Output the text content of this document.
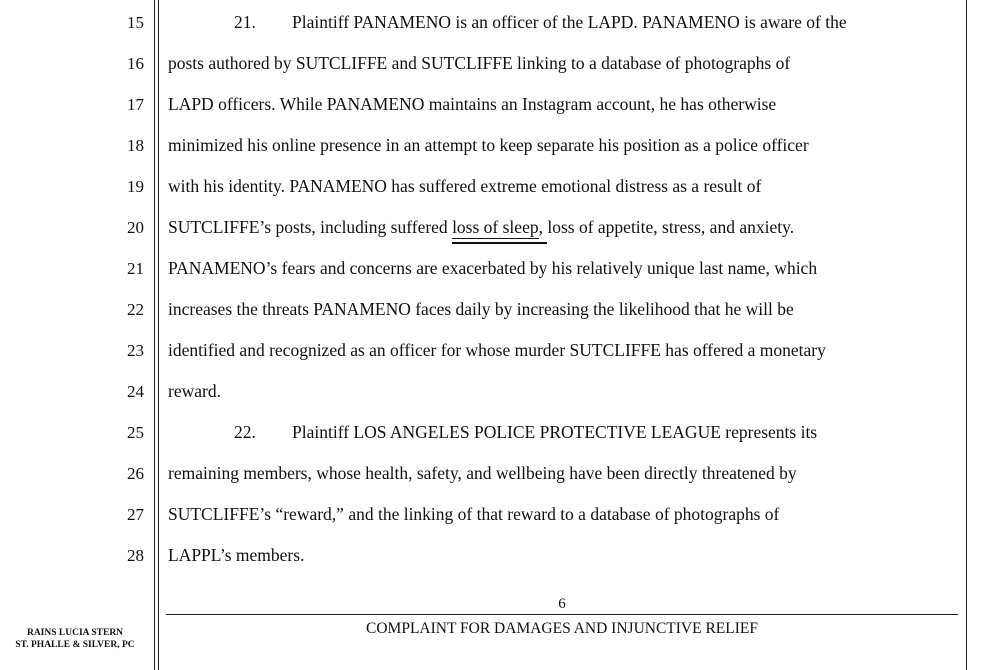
15
16
17
18
19
20
21
22
23
24
25
26
27
28
21. Plaintiff PANAMENO is an officer of the LAPD. PANAMENO is aware of the
posts authored by SUTCLIFFE and SUTCLIFFE linking to a database of photographs of
LAPD officers. While PANAMENO maintains an Instagram account, he has otherwise
minimized his online presence in an attempt to keep separate his position as a police officer
with his identity. PANAMENO has suffered extreme emotional distress as a result of
SUTCLIFFE’s posts, including suffered loss of sleep, loss of appetite, stress, and anxiety.
PANAMENO’s fears and concerns are exacerbated by his relatively unique last name, which
increases the threats PANAMENO faces daily by increasing the likelihood that he will be
identified and recognized as an officer for whose murder SUTCLIFFE has offered a monetary
reward.
22. Plaintiff LOS ANGELES POLICE PROTECTIVE LEAGUE represents its
remaining members, whose health, safety, and wellbeing have been directly threatened by
SUTCLIFFE’s “reward,” and the linking of that reward to a database of photographs of
LAPPL’s members.
6
COMPLAINT FOR DAMAGES AND INJUNCTIVE RELIEF
RAINS LUCIA STERN
ST. PHALLE & SILVER, PC
